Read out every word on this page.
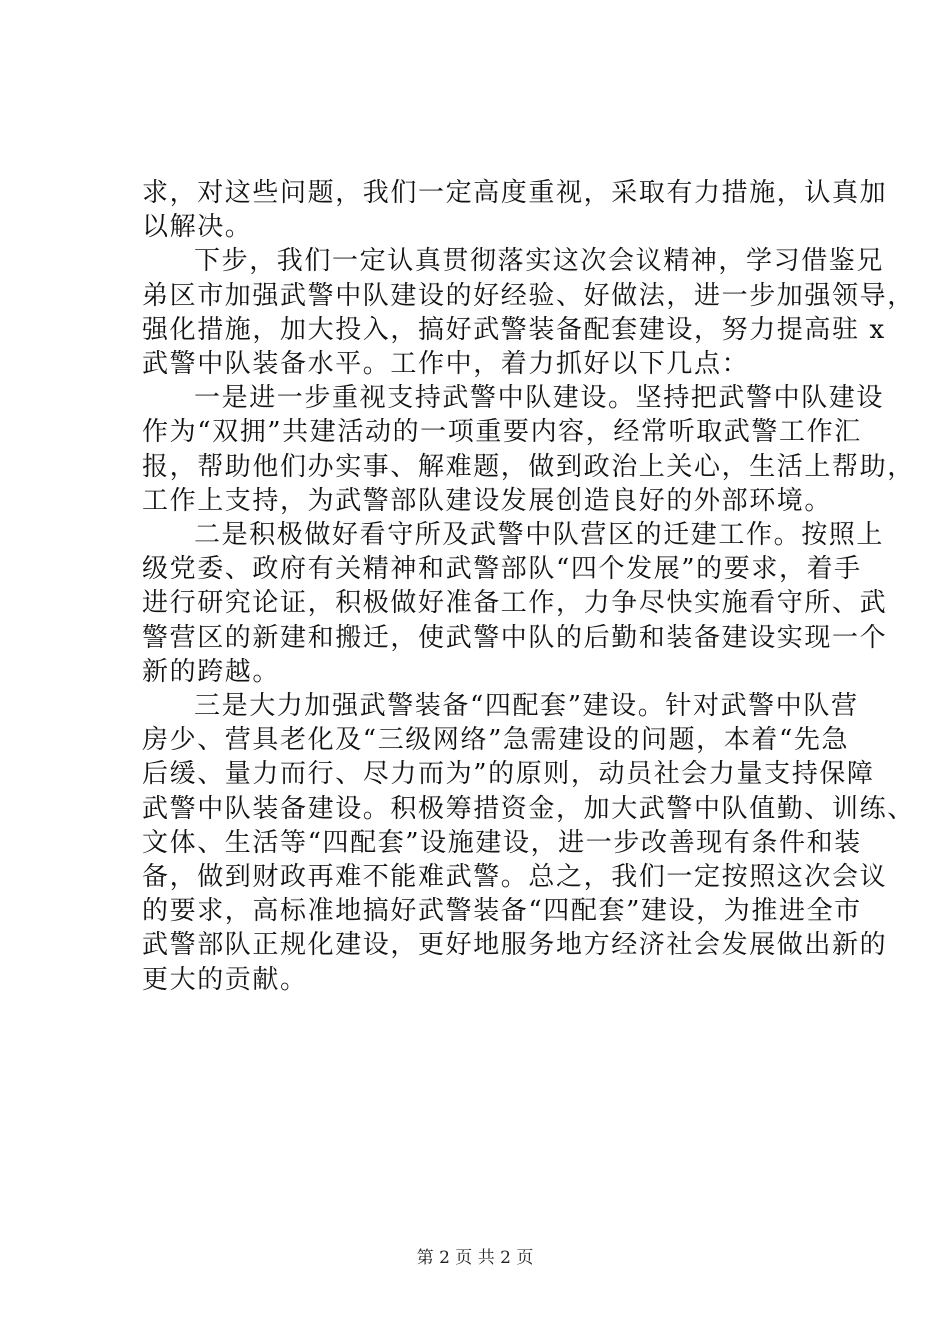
求，对这些问题，我们一定高度重视，采取有力措施，认真加
以解决。

下步，我们一定认真贯彻落实这次会议精神，学习借鉴兄
弟区市加强武警中队建设的好经验、好做法，进一步加强领导，
强化措施，加大投入，搞好武警装备配套建设，努力提高驻 x
武警中队装备水平。工作中，着力抓好以下几点：

一是进一步重视支持武警中队建设。坚持把武警中队建设
作为“双拥”共建活动的一项重要内容，经常听取武警工作汇
报，帮助他们办实事、解难题，做到政治上关心，生活上帮助，
工作上支持，为武警部队建设发展创造良好的外部环境。

二是积极做好看守所及武警中队营区的迁建工作。按照上
级党委、政府有关精神和武警部队“四个发展”的要求，着手
进行研究论证，积极做好准备工作，力争尽快实施看守所、武
警营区的新建和搬迁，使武警中队的后勤和装备建设实现一个
新的跨越。

三是大力加强武警装备“四配套”建设。针对武警中队营
房少、营具老化及“三级网络”急需建设的问题，本着“先急
后缓、量力而行、尽力而为”的原则，动员社会力量支持保障
武警中队装备建设。积极筹措资金，加大武警中队值勤、训练、
文体、生活等“四配套”设施建设，进一步改善现有条件和装
备，做到财政再难不能难武警。总之，我们一定按照这次会议
的要求，高标准地搞好武警装备“四配套”建设，为推进全市
武警部队正规化建设，更好地服务地方经济社会发展做出新的
更大的贡献。

第 2 页 共 2 页
